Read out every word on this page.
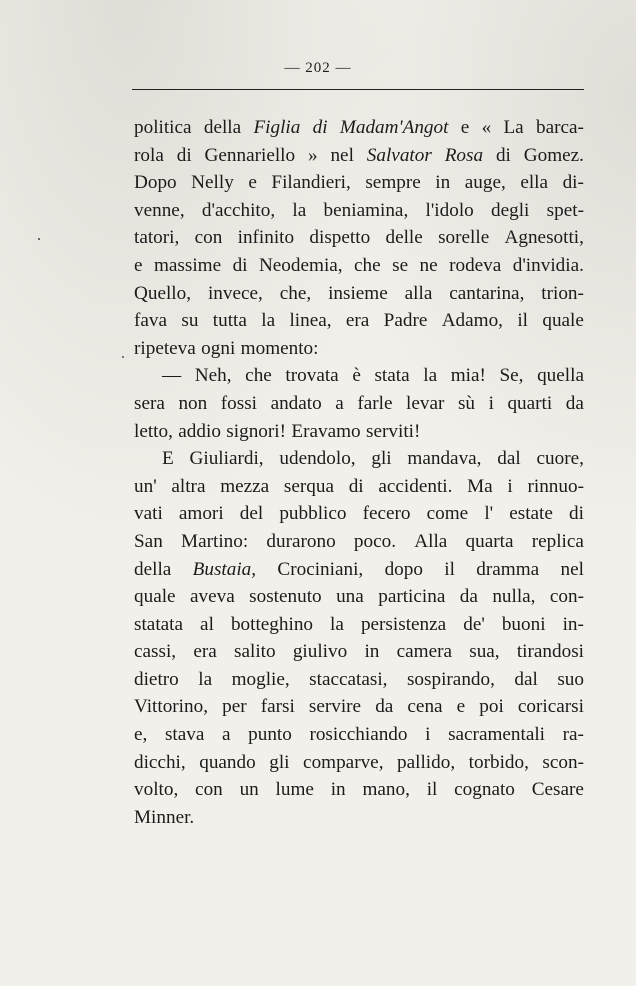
— 202 —
politica della Figlia di Madam'Angot e « La barca-
rola di Gennariello » nel Salvator Rosa di Gomez.
Dopo Nelly e Filandieri, sempre in auge, ella di-
venne, d'acchito, la beniamina, l'idolo degli spet-
tatori, con infinito dispetto delle sorelle Agnesotti,
e massime di Neodemia, che se ne rodeva d'invidia.
Quello, invece, che, insieme alla cantarina, trion-
fava su tutta la linea, era Padre Adamo, il quale
ripeteva ogni momento:
— Neh, che trovata è stata la mia! Se, quella
sera non fossi andato a farle levar sù i quarti da
letto, addio signori! Eravamo serviti!
E Giuliardi, udendolo, gli mandava, dal cuore,
un' altra mezza serqua di accidenti. Ma i rinnuo-
vati amori del pubblico fecero come l' estate di
San Martino: durarono poco. Alla quarta replica
della Bustaia, Crociniani, dopo il dramma nel
quale aveva sostenuto una particina da nulla, con-
statata al botteghino la persistenza de' buoni in-
cassi, era salito giulivo in camera sua, tirandosi
dietro la moglie, staccatasi, sospirando, dal suo
Vittorino, per farsi servire da cena e poi coricarsi
e, stava a punto rosicchiando i sacramentali ra-
dicchi, quando gli comparve, pallido, torbido, scon-
volto, con un lume in mano, il cognato Cesare
Minner.
